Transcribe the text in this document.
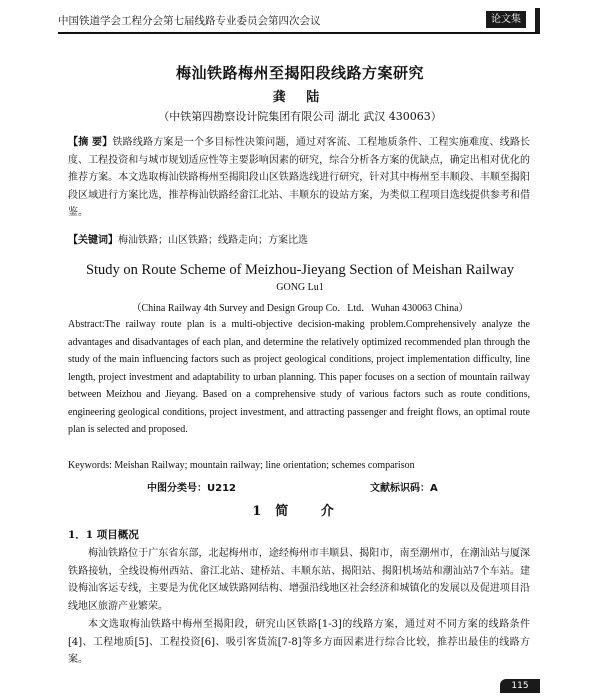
中国铁道学会工程分会第七届线路专业委员会第四次会议	论文集
梅汕铁路梅州至揭阳段线路方案研究
龚 陆
（中铁第四勘察设计院集团有限公司 湖北 武汉 430063）
【摘 要】铁路线路方案是一个多目标性决策问题，通过对客流、工程地质条件、工程实施难度、线路长度、工程投资和与城市规划适应性等主要影响因素的研究，综合分析各方案的优缺点，确定出相对优化的推荐方案。本文选取梅汕铁路梅州至揭阳段山区铁路选线进行研究，针对其中梅州至丰顺段、丰顺至揭阳段区域进行方案比选，推荐梅汕铁路经畲江北站、丰顺东的设站方案，为类似工程项目选线提供参考和借鉴。
【关键词】梅汕铁路；山区铁路；线路走向；方案比选
Study on Route Scheme of Meizhou-Jieyang Section of Meishan Railway
GONG Lu1
（China Railway 4th Survey and Design Group Co．Ltd．Wuhan 430063 China）
Abstract:The railway route plan is a multi-objective decision-making problem.Comprehensively analyze the advantages and disadvantages of each plan, and determine the relatively optimized recommended plan through the study of the main influencing factors such as project geological conditions, project implementation difficulty, line length, project investment and adaptability to urban planning. This paper focuses on a section of mountain railway between Meizhou and Jieyang. Based on a comprehensive study of various factors such as route conditions, engineering geological conditions, project investment, and attracting passenger and freight flows, an optimal route plan is selected and proposed.
Keywords: Meishan Railway; mountain railway; line orientation; schemes comparison
中图分类号：U212	文献标识码：A
1简 介
1．1 项目概况
梅汕铁路位于广东省东部，北起梅州市，途经梅州市丰顺县、揭阳市，南至潮州市，在潮汕站与厦深铁路接轨，全线设梅州西站、畲江北站、建桥站、丰顺东站、揭阳站、揭阳机场站和潮汕站7个车站。建设梅汕客运专线，主要是为优化区域铁路网结构、增强沿线地区社会经济和城镇化的发展以及促进项目沿线地区旅游产业繁荣。
本文选取梅汕铁路中梅州至揭阳段，研究山区铁路[1-3]的线路方案，通过对不同方案的线路条件[4]、工程地质[5]、工程投资[6]、吸引客货流[7-8]等多方面因素进行综合比较，推荐出最佳的线路方案。
115
